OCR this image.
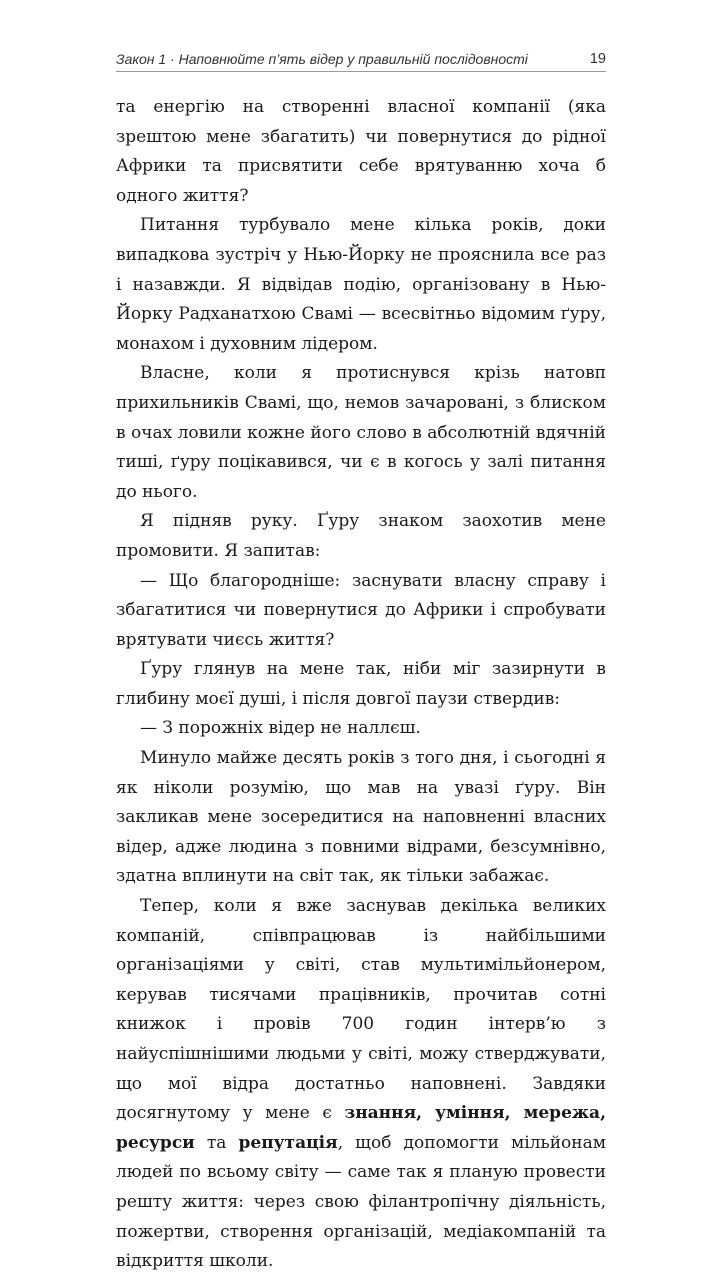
Закон 1 · Наповнюйте п’ять відер у правильній послідовності	19

та енергію на створенні власної компанії (яка зрештою мене збагатить) чи повернутися до рідної Африки та присвятити себе врятуванню хоча б одного життя?

Питання турбувало мене кілька років, доки випадкова зустріч у Нью-Йорку не прояснила все раз і назавжди. Я відвідав подію, організовану в Нью-Йорку Радханатхою Свамі — всесвітньо відомим ґуру, монахом і духовним лідером.

Власне, коли я протиснувся крізь натовп прихильників Свамі, що, немов зачаровані, з блиском в очах ловили кожне його слово в абсолютній вдячній тиші, ґуру поцікавився, чи є в когось у залі питання до нього.

Я підняв руку. Ґуру знаком заохотив мене промовити. Я запитав:

— Що благородніше: заснувати власну справу і збагатитися чи повернутися до Африки і спробувати врятувати чиєсь життя?

Ґуру глянув на мене так, ніби міг зазирнути в глибину моєї душі, і після довгої паузи ствердив:

— З порожніх відер не наллєш.

Минуло майже десять років з того дня, і сьогодні я як ніколи розумію, що мав на увазі ґуру. Він закликав мене зосередитися на наповненні власних відер, адже людина з повними відрами, безсумнівно, здатна вплинути на світ так, як тільки забажає.

Тепер, коли я вже заснував декілька великих компаній, співпрацював із найбільшими організаціями у світі, став мультимільйонером, керував тисячами працівників, прочитав сотні книжок і провів 700 годин інтерв’ю з найуспішнішими людьми у світі, можу стверджувати, що мої відра достатньо наповнені. Завдяки досягнутому у мене є знання, уміння, мережа, ресурси та репутація, щоб допомогти мільйонам людей по всьому світу — саме так я планую провести решту життя: через свою філантропічну діяльність, пожертви, створення організацій, медіакомпаній та відкриття школи.
